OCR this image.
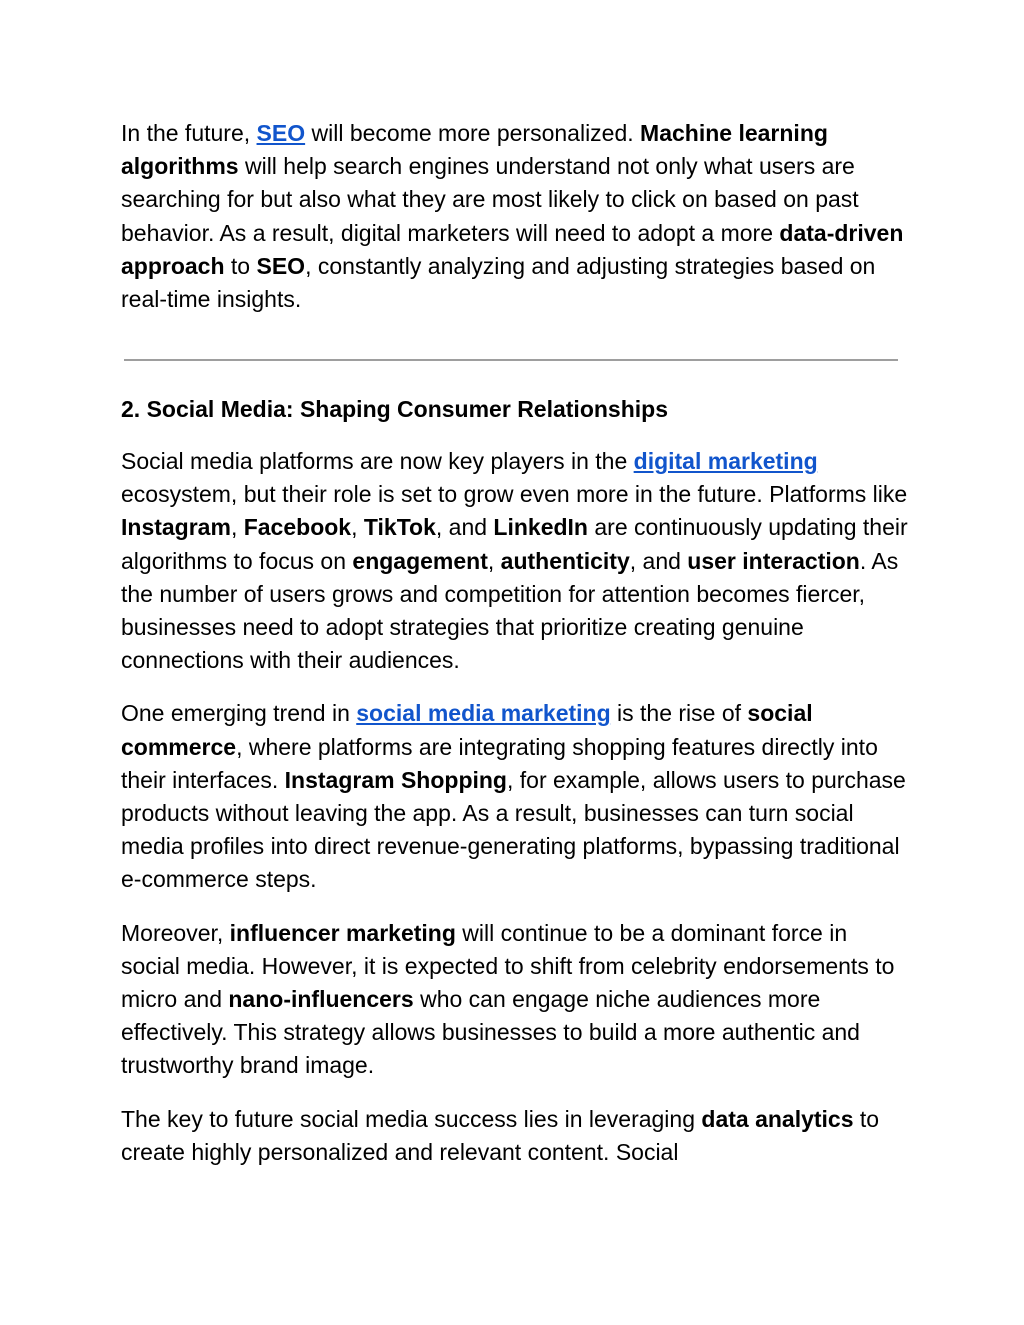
In the future, SEO will become more personalized. Machine learning algorithms will help search engines understand not only what users are searching for but also what they are most likely to click on based on past behavior. As a result, digital marketers will need to adopt a more data-driven approach to SEO, constantly analyzing and adjusting strategies based on real-time insights.

2. Social Media: Shaping Consumer Relationships

Social media platforms are now key players in the digital marketing ecosystem, but their role is set to grow even more in the future. Platforms like Instagram, Facebook, TikTok, and LinkedIn are continuously updating their algorithms to focus on engagement, authenticity, and user interaction. As the number of users grows and competition for attention becomes fiercer, businesses need to adopt strategies that prioritize creating genuine connections with their audiences.

One emerging trend in social media marketing is the rise of social commerce, where platforms are integrating shopping features directly into their interfaces. Instagram Shopping, for example, allows users to purchase products without leaving the app. As a result, businesses can turn social media profiles into direct revenue-generating platforms, bypassing traditional e-commerce steps.

Moreover, influencer marketing will continue to be a dominant force in social media. However, it is expected to shift from celebrity endorsements to micro and nano-influencers who can engage niche audiences more effectively. This strategy allows businesses to build a more authentic and trustworthy brand image.

The key to future social media success lies in leveraging data analytics to create highly personalized and relevant content. Social
